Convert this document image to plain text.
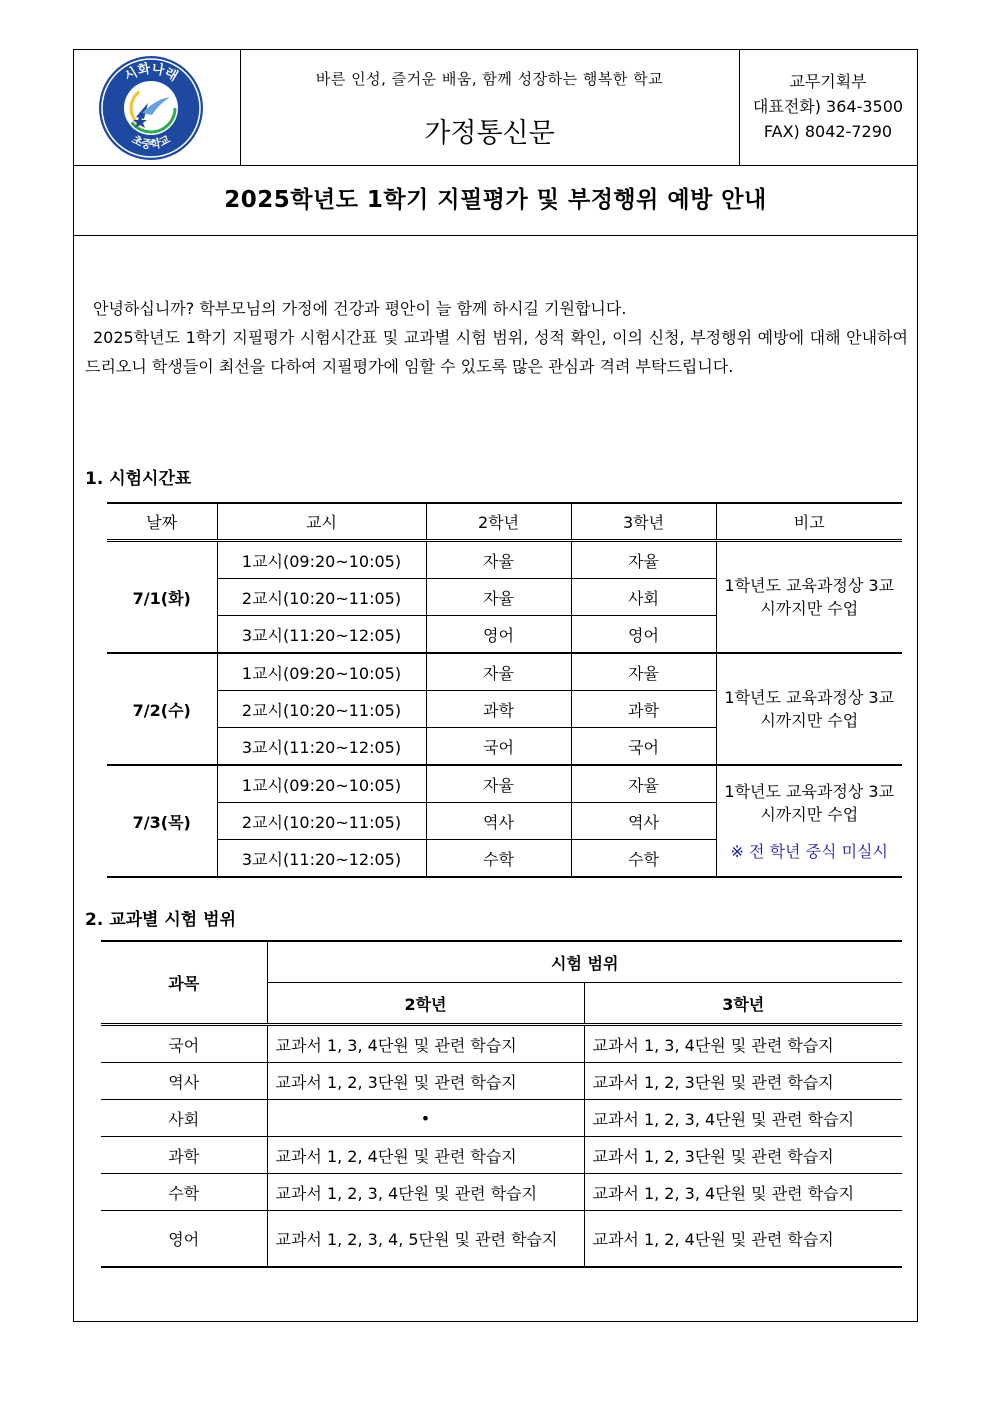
시화나래
초중학교
바른 인성, 즐거운 배움, 함께 성장하는 행복한 학교
가정통신문
교무기획부
대표전화) 364-3500
FAX) 8042-7290
2025학년도 1학기 지필평가 및 부정행위 예방 안내

안녕하십니까? 학부모님의 가정에 건강과 평안이 늘 함께 하시길 기원합니다.

2025학년도 1학기 지필평가 시험시간표 및 교과별 시험 범위, 성적 확인, 이의 신청, 부정행위 예방에 대해 안내하여 드리오니 학생들이 최선을 다하여 지필평가에 임할 수 있도록 많은 관심과 격려 부탁드립니다.

1. 시험시간표
날짜	교시	2학년	3학년	비고
7/1(화)	1교시(09:20~10:05)	자율	자율	1학년도 교육과정상 3교시까지만 수업
	2교시(10:20~11:05)	자율	사회	
	3교시(11:20~12:05)	영어	영어	
7/2(수)	1교시(09:20~10:05)	자율	자율	1학년도 교육과정상 3교시까지만 수업
	2교시(10:20~11:05)	과학	과학	
	3교시(11:20~12:05)	국어	국어	
7/3(목)	1교시(09:20~10:05)	자율	자율	1학년도 교육과정상 3교시까지만 수업
※ 전 학년 중식 미실시

	2교시(10:20~11:05)	역사	역사	
	3교시(11:20~12:05)	수학	수학	
2. 교과별 시험 범위
과목	시험 범위	
	2학년	3학년
국어	교과서 1, 3, 4단원 및 관련 학습지	교과서 1, 3, 4단원 및 관련 학습지
역사	교과서 1, 2, 3단원 및 관련 학습지	교과서 1, 2, 3단원 및 관련 학습지
사회	•	교과서 1, 2, 3, 4단원 및 관련 학습지
과학	교과서 1, 2, 4단원 및 관련 학습지	교과서 1, 2, 3단원 및 관련 학습지
수학	교과서 1, 2, 3, 4단원 및 관련 학습지	교과서 1, 2, 3, 4단원 및 관련 학습지
영어	교과서 1, 2, 3, 4, 5단원 및 관련 학습지	교과서 1, 2, 4단원 및 관련 학습지
